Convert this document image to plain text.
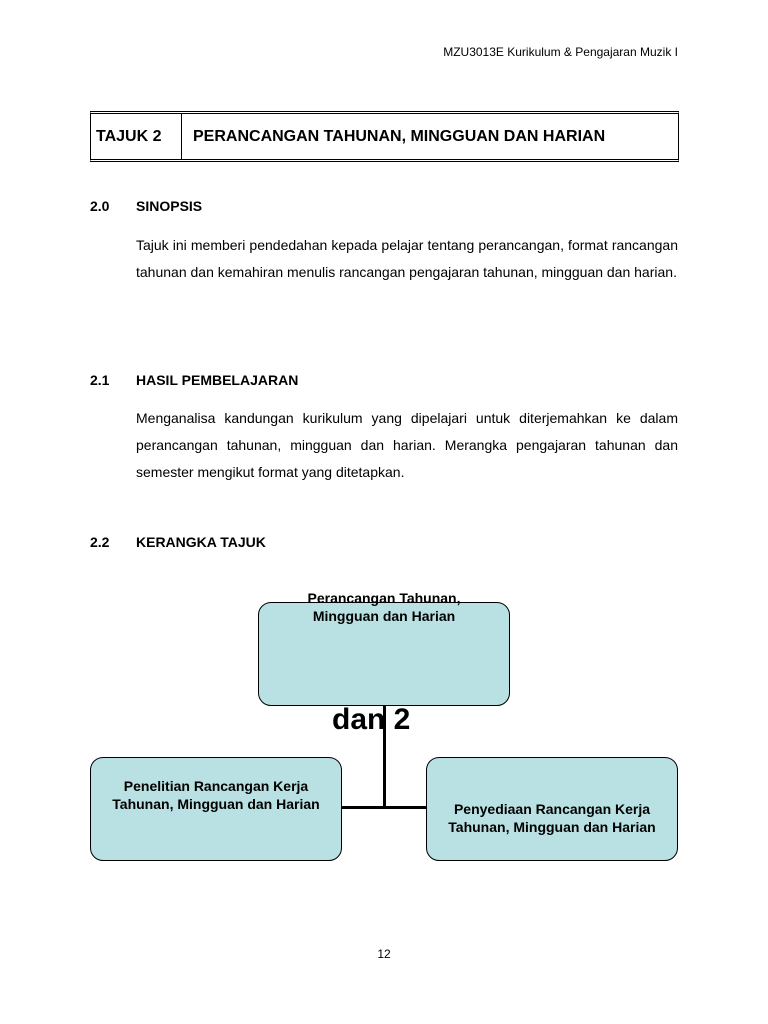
MZU3013E Kurikulum & Pengajaran Muzik I
TAJUK 2	PERANCANGAN TAHUNAN, MINGGUAN DAN HARIAN
2.0 SINOPSIS
Tajuk ini memberi pendedahan kepada pelajar tentang perancangan, format rancangan tahunan dan kemahiran menulis rancangan pengajaran tahunan, mingguan dan harian.
2.1 HASIL PEMBELAJARAN
Menganalisa kandungan kurikulum yang dipelajari untuk diterjemahkan ke dalam perancangan tahunan, mingguan dan harian. Merangka pengajaran tahunan dan semester mengikut format yang ditetapkan.
2.2 KERANGKA TAJUK
Perancangan Tahunan,
Mingguan dan Harian
dan 2
Penelitian Rancangan Kerja
Tahunan, Mingguan dan Harian	Penyediaan Rancangan Kerja
Tahunan, Mingguan dan Harian
12
